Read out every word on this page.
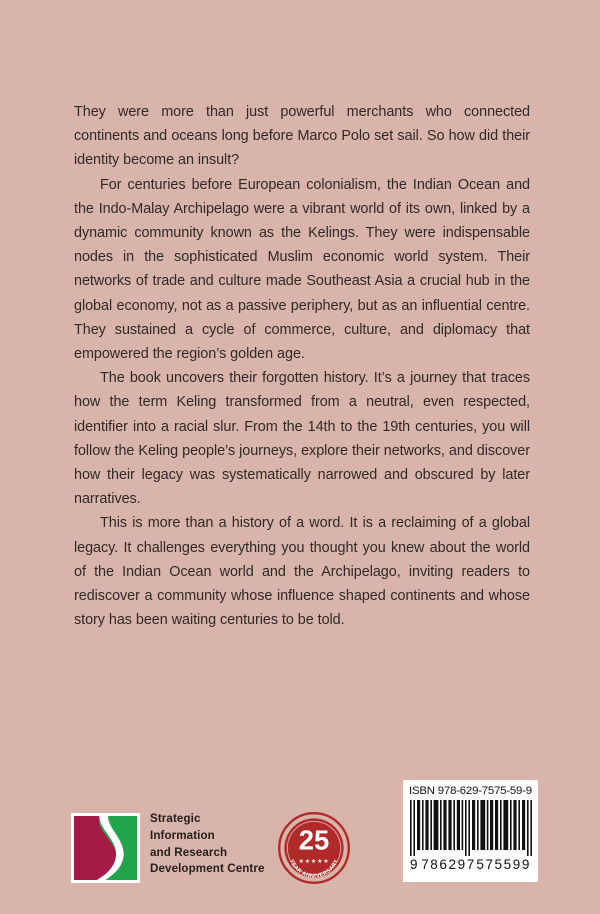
They were more than just powerful merchants who connected continents and oceans long before Marco Polo set sail. So how did their identity become an insult?

For centuries before European colonialism, the Indian Ocean and the Indo-Malay Archipelago were a vibrant world of its own, linked by a dynamic community known as the Kelings. They were indispensable nodes in the sophisticated Muslim economic world system. Their networks of trade and culture made Southeast Asia a crucial hub in the global economy, not as a passive periphery, but as an influential centre. They sustained a cycle of commerce, culture, and diplomacy that empowered the region’s golden age.

The book uncovers their forgotten history. It’s a journey that traces how the term Keling transformed from a neutral, even respected, identifier into a racial slur. From the 14th to the 19th centuries, you will follow the Keling people’s journeys, explore their networks, and discover how their legacy was systematically narrowed and obscured by later narratives.

This is more than a history of a word. It is a reclaiming of a global legacy. It challenges everything you thought you knew about the world of the Indian Ocean world and the Archipelago, inviting readers to rediscover a community whose influence shaped continents and whose story has been waiting centuries to be told.

Strategic
Information
and Research
Development Centre
25
★★★★★
YEAR ANNIVERSARY
ISBN 978-629-7575-59-9
9 786297 575599
